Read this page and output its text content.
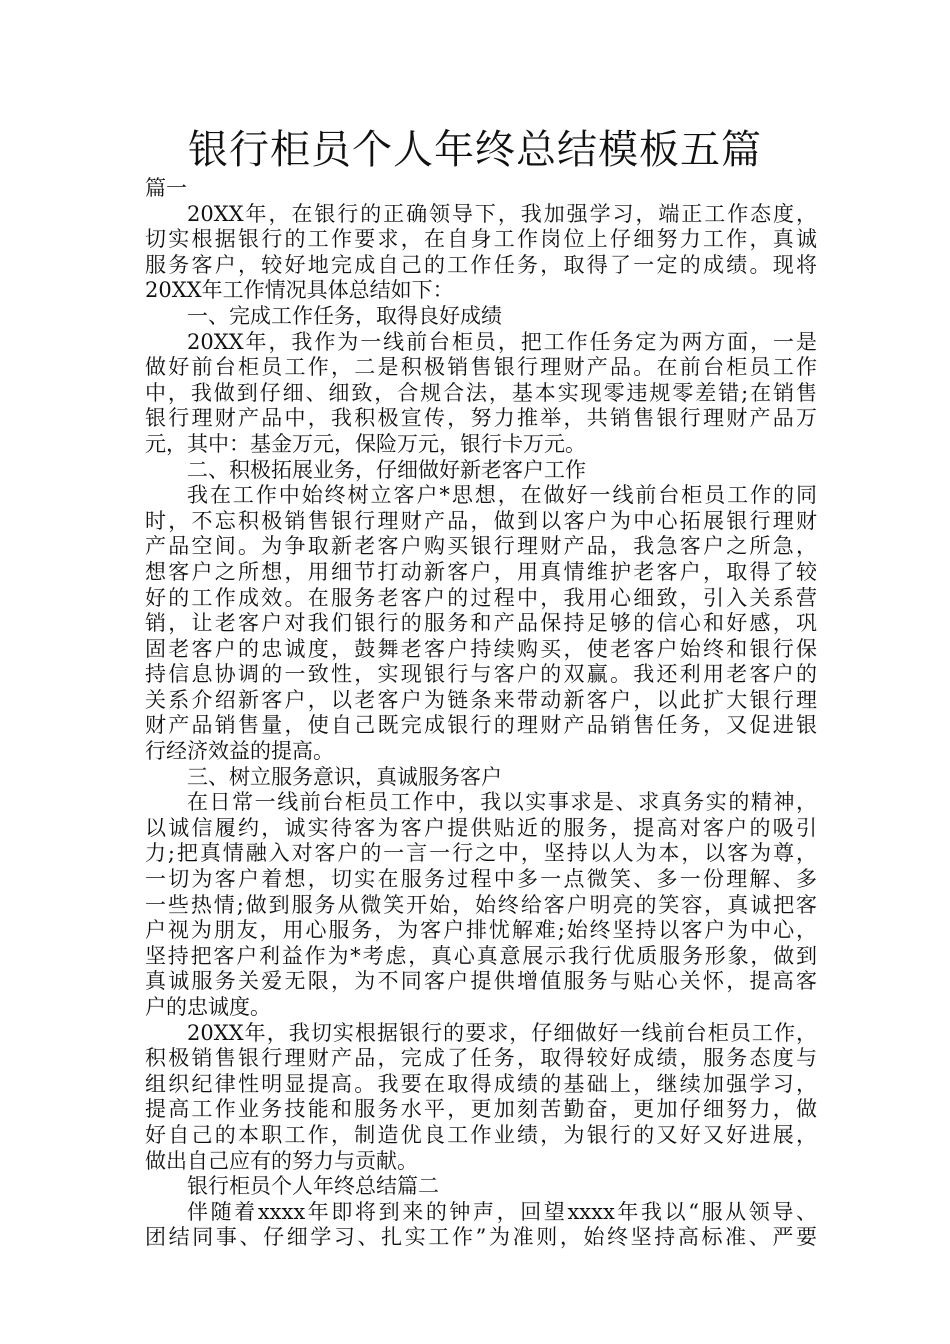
银行柜员个人年终总结模板五篇
篇一
20XX年，在银行的正确领导下，我加强学习，端正工作态度，
切实根据银行的工作要求，在自身工作岗位上仔细努力工作，真诚
服务客户，较好地完成自己的工作任务，取得了一定的成绩。现将
20XX年工作情况具体总结如下：
一、完成工作任务，取得良好成绩
20XX年，我作为一线前台柜员，把工作任务定为两方面，一是
做好前台柜员工作，二是积极销售银行理财产品。在前台柜员工作
中，我做到仔细、细致，合规合法，基本实现零违规零差错;在销售
银行理财产品中，我积极宣传，努力推举，共销售银行理财产品万
元，其中：基金万元，保险万元，银行卡万元。
二、积极拓展业务，仔细做好新老客户工作
我在工作中始终树立客户*思想，在做好一线前台柜员工作的同
时，不忘积极销售银行理财产品，做到以客户为中心拓展银行理财
产品空间。为争取新老客户购买银行理财产品，我急客户之所急，
想客户之所想，用细节打动新客户，用真情维护老客户，取得了较
好的工作成效。在服务老客户的过程中，我用心细致，引入关系营
销，让老客户对我们银行的服务和产品保持足够的信心和好感，巩
固老客户的忠诚度，鼓舞老客户持续购买，使老客户始终和银行保
持信息协调的一致性，实现银行与客户的双赢。我还利用老客户的
关系介绍新客户，以老客户为链条来带动新客户，以此扩大银行理
财产品销售量，使自己既完成银行的理财产品销售任务，又促进银
行经济效益的提高。
三、树立服务意识，真诚服务客户
在日常一线前台柜员工作中，我以实事求是、求真务实的精神，
以诚信履约，诚实待客为客户提供贴近的服务，提高对客户的吸引
力;把真情融入对客户的一言一行之中，坚持以人为本，以客为尊，
一切为客户着想，切实在服务过程中多一点微笑、多一份理解、多
一些热情;做到服务从微笑开始，始终给客户明亮的笑容，真诚把客
户视为朋友，用心服务，为客户排忧解难;始终坚持以客户为中心，
坚持把客户利益作为*考虑，真心真意展示我行优质服务形象，做到
真诚服务关爱无限，为不同客户提供增值服务与贴心关怀，提高客
户的忠诚度。
20XX年，我切实根据银行的要求，仔细做好一线前台柜员工作，
积极销售银行理财产品，完成了任务，取得较好成绩，服务态度与
组织纪律性明显提高。我要在取得成绩的基础上，继续加强学习，
提高工作业务技能和服务水平，更加刻苦勤奋，更加仔细努力，做
好自己的本职工作，制造优良工作业绩，为银行的又好又好进展，
做出自己应有的努力与贡献。
银行柜员个人年终总结篇二
伴随着xxxx年即将到来的钟声，回望xxxx年我以“服从领导、
团结同事、仔细学习、扎实工作”为准则，始终坚持高标准、严要
